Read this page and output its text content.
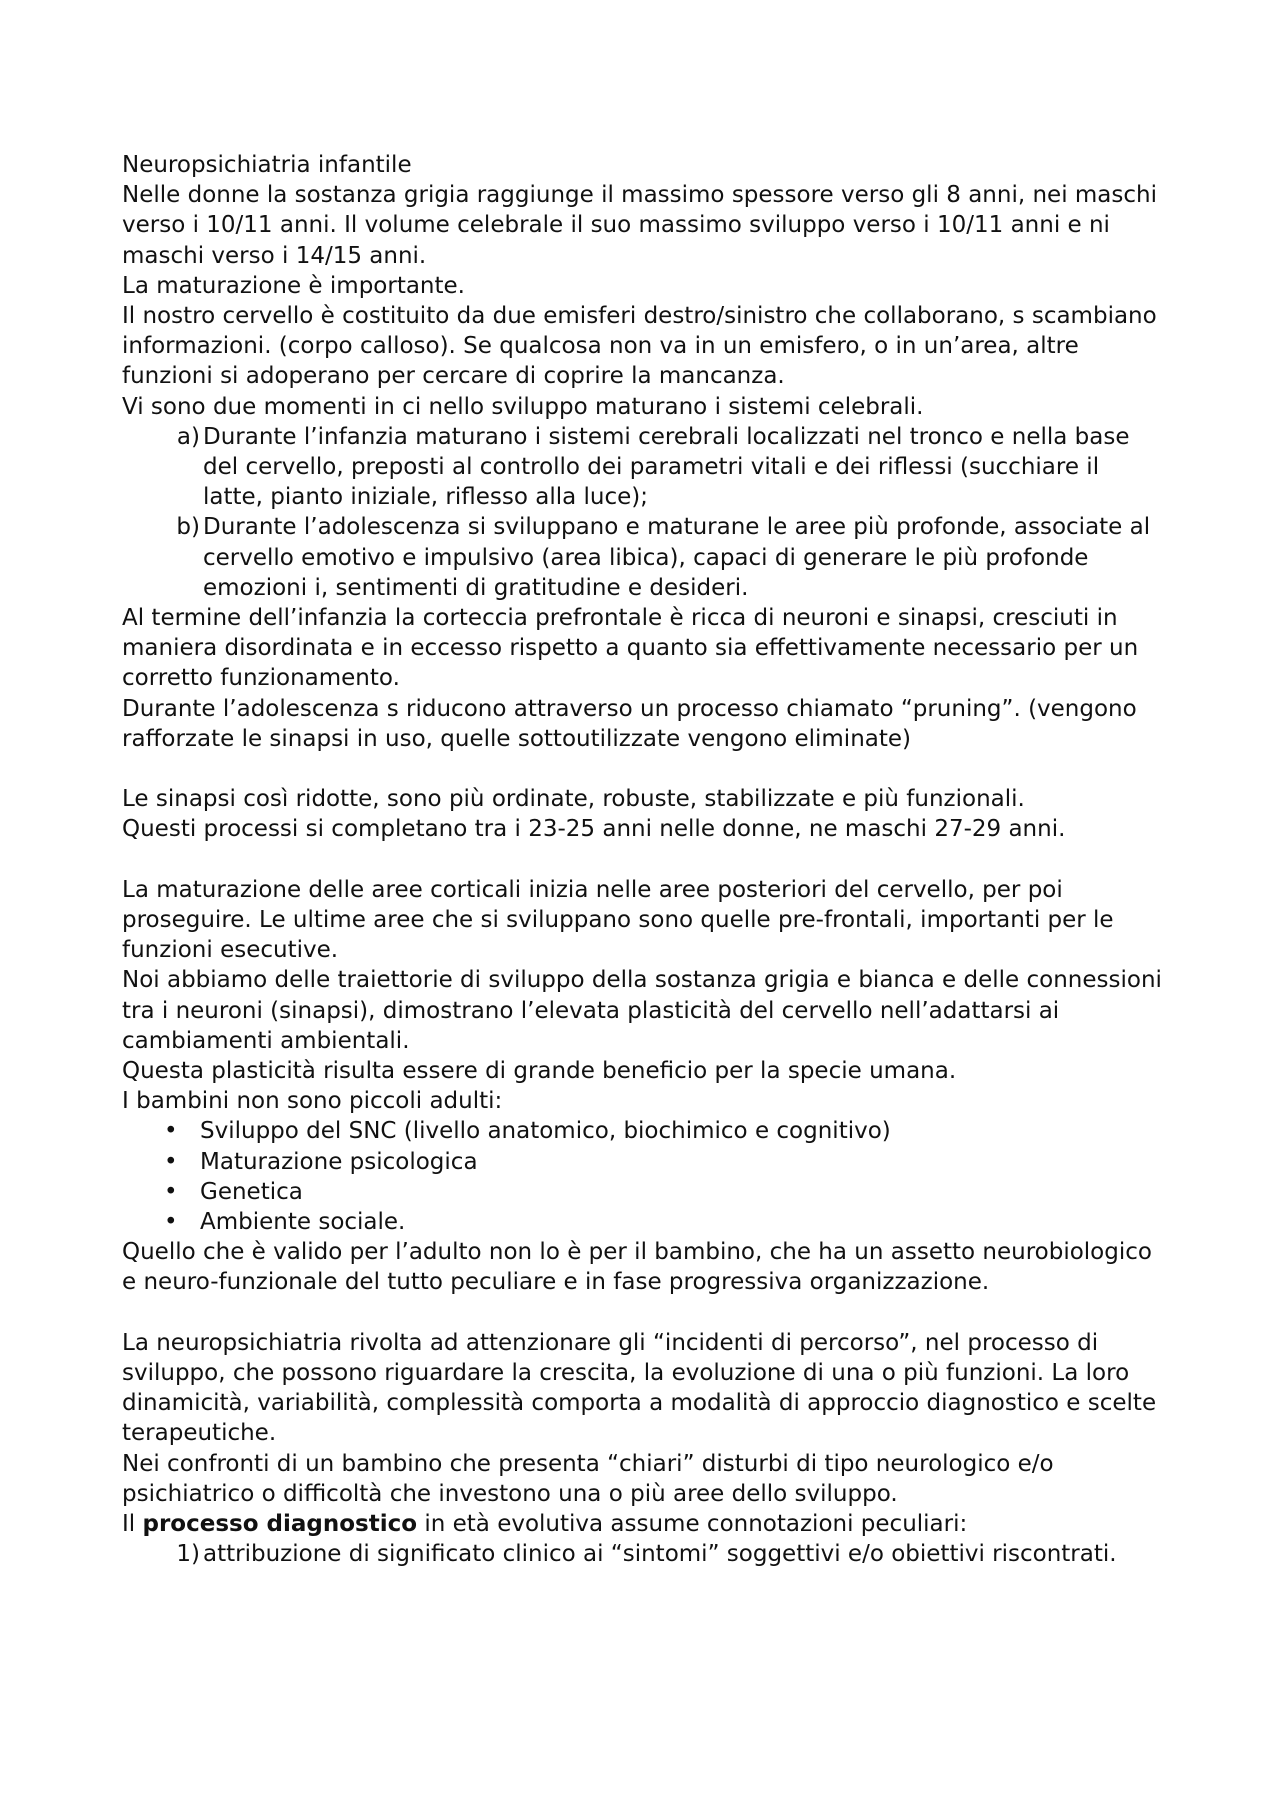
Neuropsichiatria infantile

Nelle donne la sostanza grigia raggiunge il massimo spessore verso gli 8 anni, nei maschi verso i 10/11 anni. Il volume celebrale il suo massimo sviluppo verso i 10/11 anni e ni maschi verso i 14/15 anni.

La maturazione è importante.

Il nostro cervello è costituito da due emisferi destro/sinistro che collaborano, s scambiano informazioni. (corpo calloso). Se qualcosa non va in un emisfero, o in un’area, altre funzioni si adoperano per cercare di coprire la mancanza.

Vi sono due momenti in ci nello sviluppo maturano i sistemi celebrali.

a) Durante l’infanzia maturano i sistemi cerebrali localizzati nel tronco e nella base del cervello, preposti al controllo dei parametri vitali e dei riflessi (succhiare il latte, pianto iniziale, riflesso alla luce);
b) Durante l’adolescenza si sviluppano e maturane le aree più profonde, associate al cervello emotivo e impulsivo (area libica), capaci di generare le più profonde emozioni i, sentimenti di gratitudine e desideri.

Al termine dell’infanzia la corteccia prefrontale è ricca di neuroni e sinapsi, cresciuti in maniera disordinata e in eccesso rispetto a quanto sia effettivamente necessario per un corretto funzionamento.

Durante l’adolescenza s riducono attraverso un processo chiamato “pruning”. (vengono rafforzate le sinapsi in uso, quelle sottoutilizzate vengono eliminate)

Le sinapsi così ridotte, sono più ordinate, robuste, stabilizzate e più funzionali.

Questi processi si completano tra i 23-25 anni nelle donne, ne maschi 27-29 anni.

La maturazione delle aree corticali inizia nelle aree posteriori del cervello, per poi proseguire. Le ultime aree che si sviluppano sono quelle pre-frontali, importanti per le funzioni esecutive.

Noi abbiamo delle traiettorie di sviluppo della sostanza grigia e bianca e delle connessioni tra i neuroni (sinapsi), dimostrano l’elevata plasticità del cervello nell’adattarsi ai cambiamenti ambientali.

Questa plasticità risulta essere di grande beneficio per la specie umana.

I bambini non sono piccoli adulti:

• Sviluppo del SNC (livello anatomico, biochimico e cognitivo)
• Maturazione psicologica
• Genetica
• Ambiente sociale.

Quello che è valido per l’adulto non lo è per il bambino, che ha un assetto neurobiologico e neuro-funzionale del tutto peculiare e in fase progressiva organizzazione.

La neuropsichiatria rivolta ad attenzionare gli “incidenti di percorso”, nel processo di sviluppo, che possono riguardare la crescita, la evoluzione di una o più funzioni. La loro dinamicità, variabilità, complessità comporta a modalità di approccio diagnostico e scelte terapeutiche.

Nei confronti di un bambino che presenta “chiari” disturbi di tipo neurologico e/o psichiatrico o difficoltà che investono una o più aree dello sviluppo.

Il processo diagnostico in età evolutiva assume connotazioni peculiari:

1) attribuzione di significato clinico ai “sintomi” soggettivi e/o obiettivi riscontrati.
